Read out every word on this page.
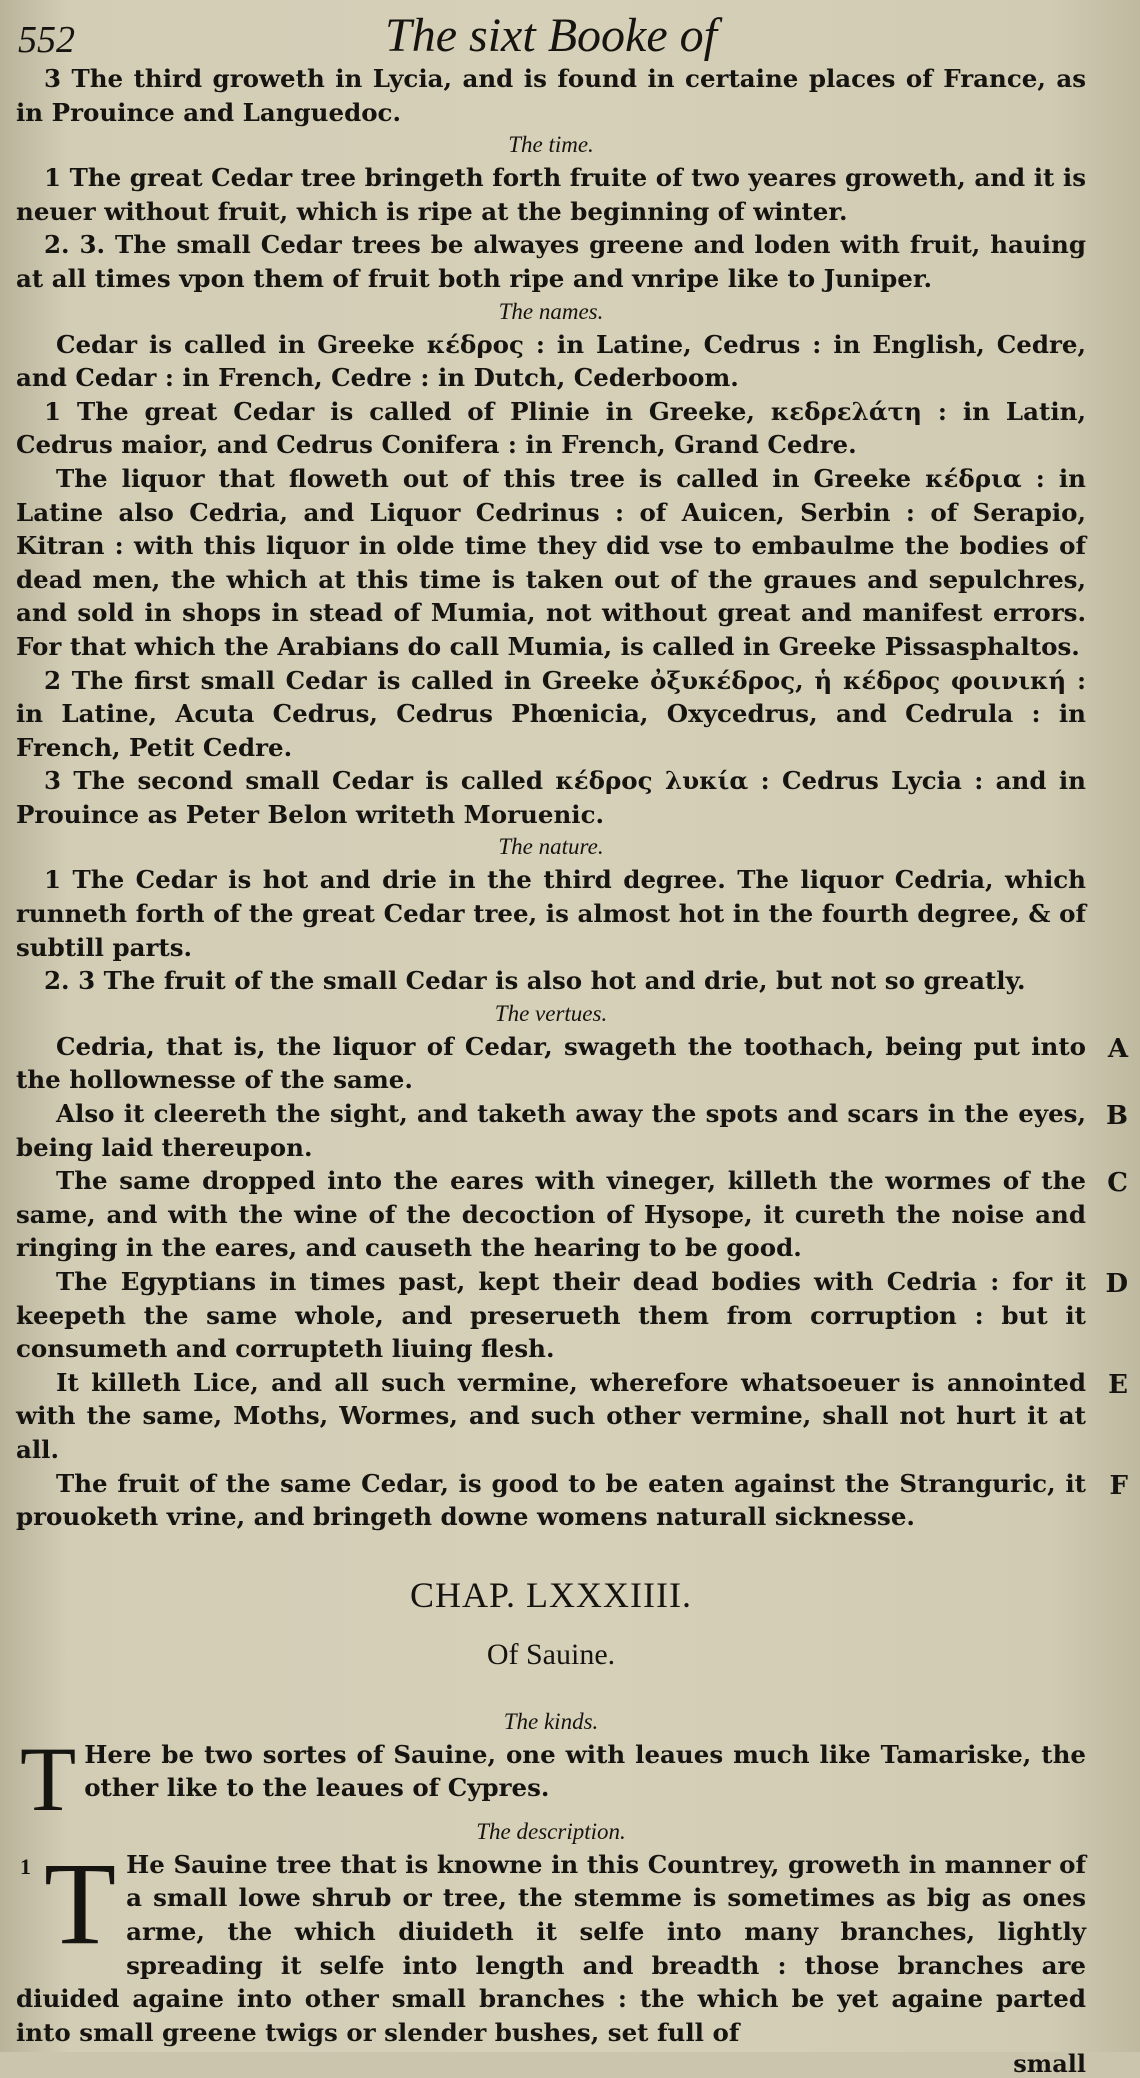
552	The sixt Booke of

3 The third groweth in Lycia, and is found in certaine places of France, as in Prouince and Languedoc.

The time.

1 The great Cedar tree bringeth forth fruite of two yeares groweth, and it is neuer without fruit, which is ripe at the beginning of winter.

2. 3. The small Cedar trees be alwayes greene and loden with fruit, hauing at all times vpon them of fruit both ripe and vnripe like to Juniper.

The names.

Cedar is called in Greeke κέδρος : in Latine, Cedrus : in English, Cedre, and Cedar : in French, Cedre : in Dutch, Cederboom.

1 The great Cedar is called of Plinie in Greeke, κεδρελάτη : in Latin, Cedrus maior, and Cedrus Conifera : in French, Grand Cedre.

The liquor that floweth out of this tree is called in Greeke κέδρια : in Latine also Cedria, and Liquor Cedrinus : of Auicen, Serbin : of Serapio, Kitran : with this liquor in olde time they did vse to embaulme the bodies of dead men, the which at this time is taken out of the graues and sepulchres, and sold in shops in stead of Mumia, not without great and manifest errors. For that which the Arabians do call Mumia, is called in Greeke Pissasphaltos.

2 The first small Cedar is called in Greeke ὀξυκέδρος, ἡ κέδρος φοινική : in Latine, Acuta Cedrus, Cedrus Phœnicia, Oxycedrus, and Cedrula : in French, Petit Cedre.

3 The second small Cedar is called κέδρος λυκία : Cedrus Lycia : and in Prouince as Peter Belon writeth Moruenic.

The nature.

1 The Cedar is hot and drie in the third degree. The liquor Cedria, which runneth forth of the great Cedar tree, is almost hot in the fourth degree, & of subtill parts.

2. 3 The fruit of the small Cedar is also hot and drie, but not so greatly.

The vertues.

Cedria, that is, the liquor of Cedar, swageth the toothach, being put into the hollownesse of the same.

A

Also it cleereth the sight, and taketh away the spots and scars in the eyes, being laid thereupon.

B

The same dropped into the eares with vineger, killeth the wormes of the same, and with the wine of the decoction of Hysope, it cureth the noise and ringing in the eares, and causeth the hearing to be good.

C

The Egyptians in times past, kept their dead bodies with Cedria : for it keepeth the same whole, and preserueth them from corruption : but it consumeth and corrupteth liuing flesh.

D

It killeth Lice, and all such vermine, wherefore whatsoeuer is annointed with the same, Moths, Wormes, and such other vermine, shall not hurt it at all.

E

The fruit of the same Cedar, is good to be eaten against the Stranguric, it prouoketh vrine, and bringeth downe womens naturall sicknesse.

F
CHAP. LXXXIIII.
Of Sauine.

The kinds.

T Here be two sortes of Sauine, one with leaues much like Tamariske, the other like to the leaues of Cypres.

The description.

1 T He Sauine tree that is knowne in this Countrey, groweth in manner of a small lowe shrub or tree, the stemme is sometimes as big as ones arme, the which diuideth it selfe into many branches, lightly spreading it selfe into length and breadth : those branches are diuided againe into other small branches : the which be yet againe parted into small greene twigs or slender bushes, set full of

small
